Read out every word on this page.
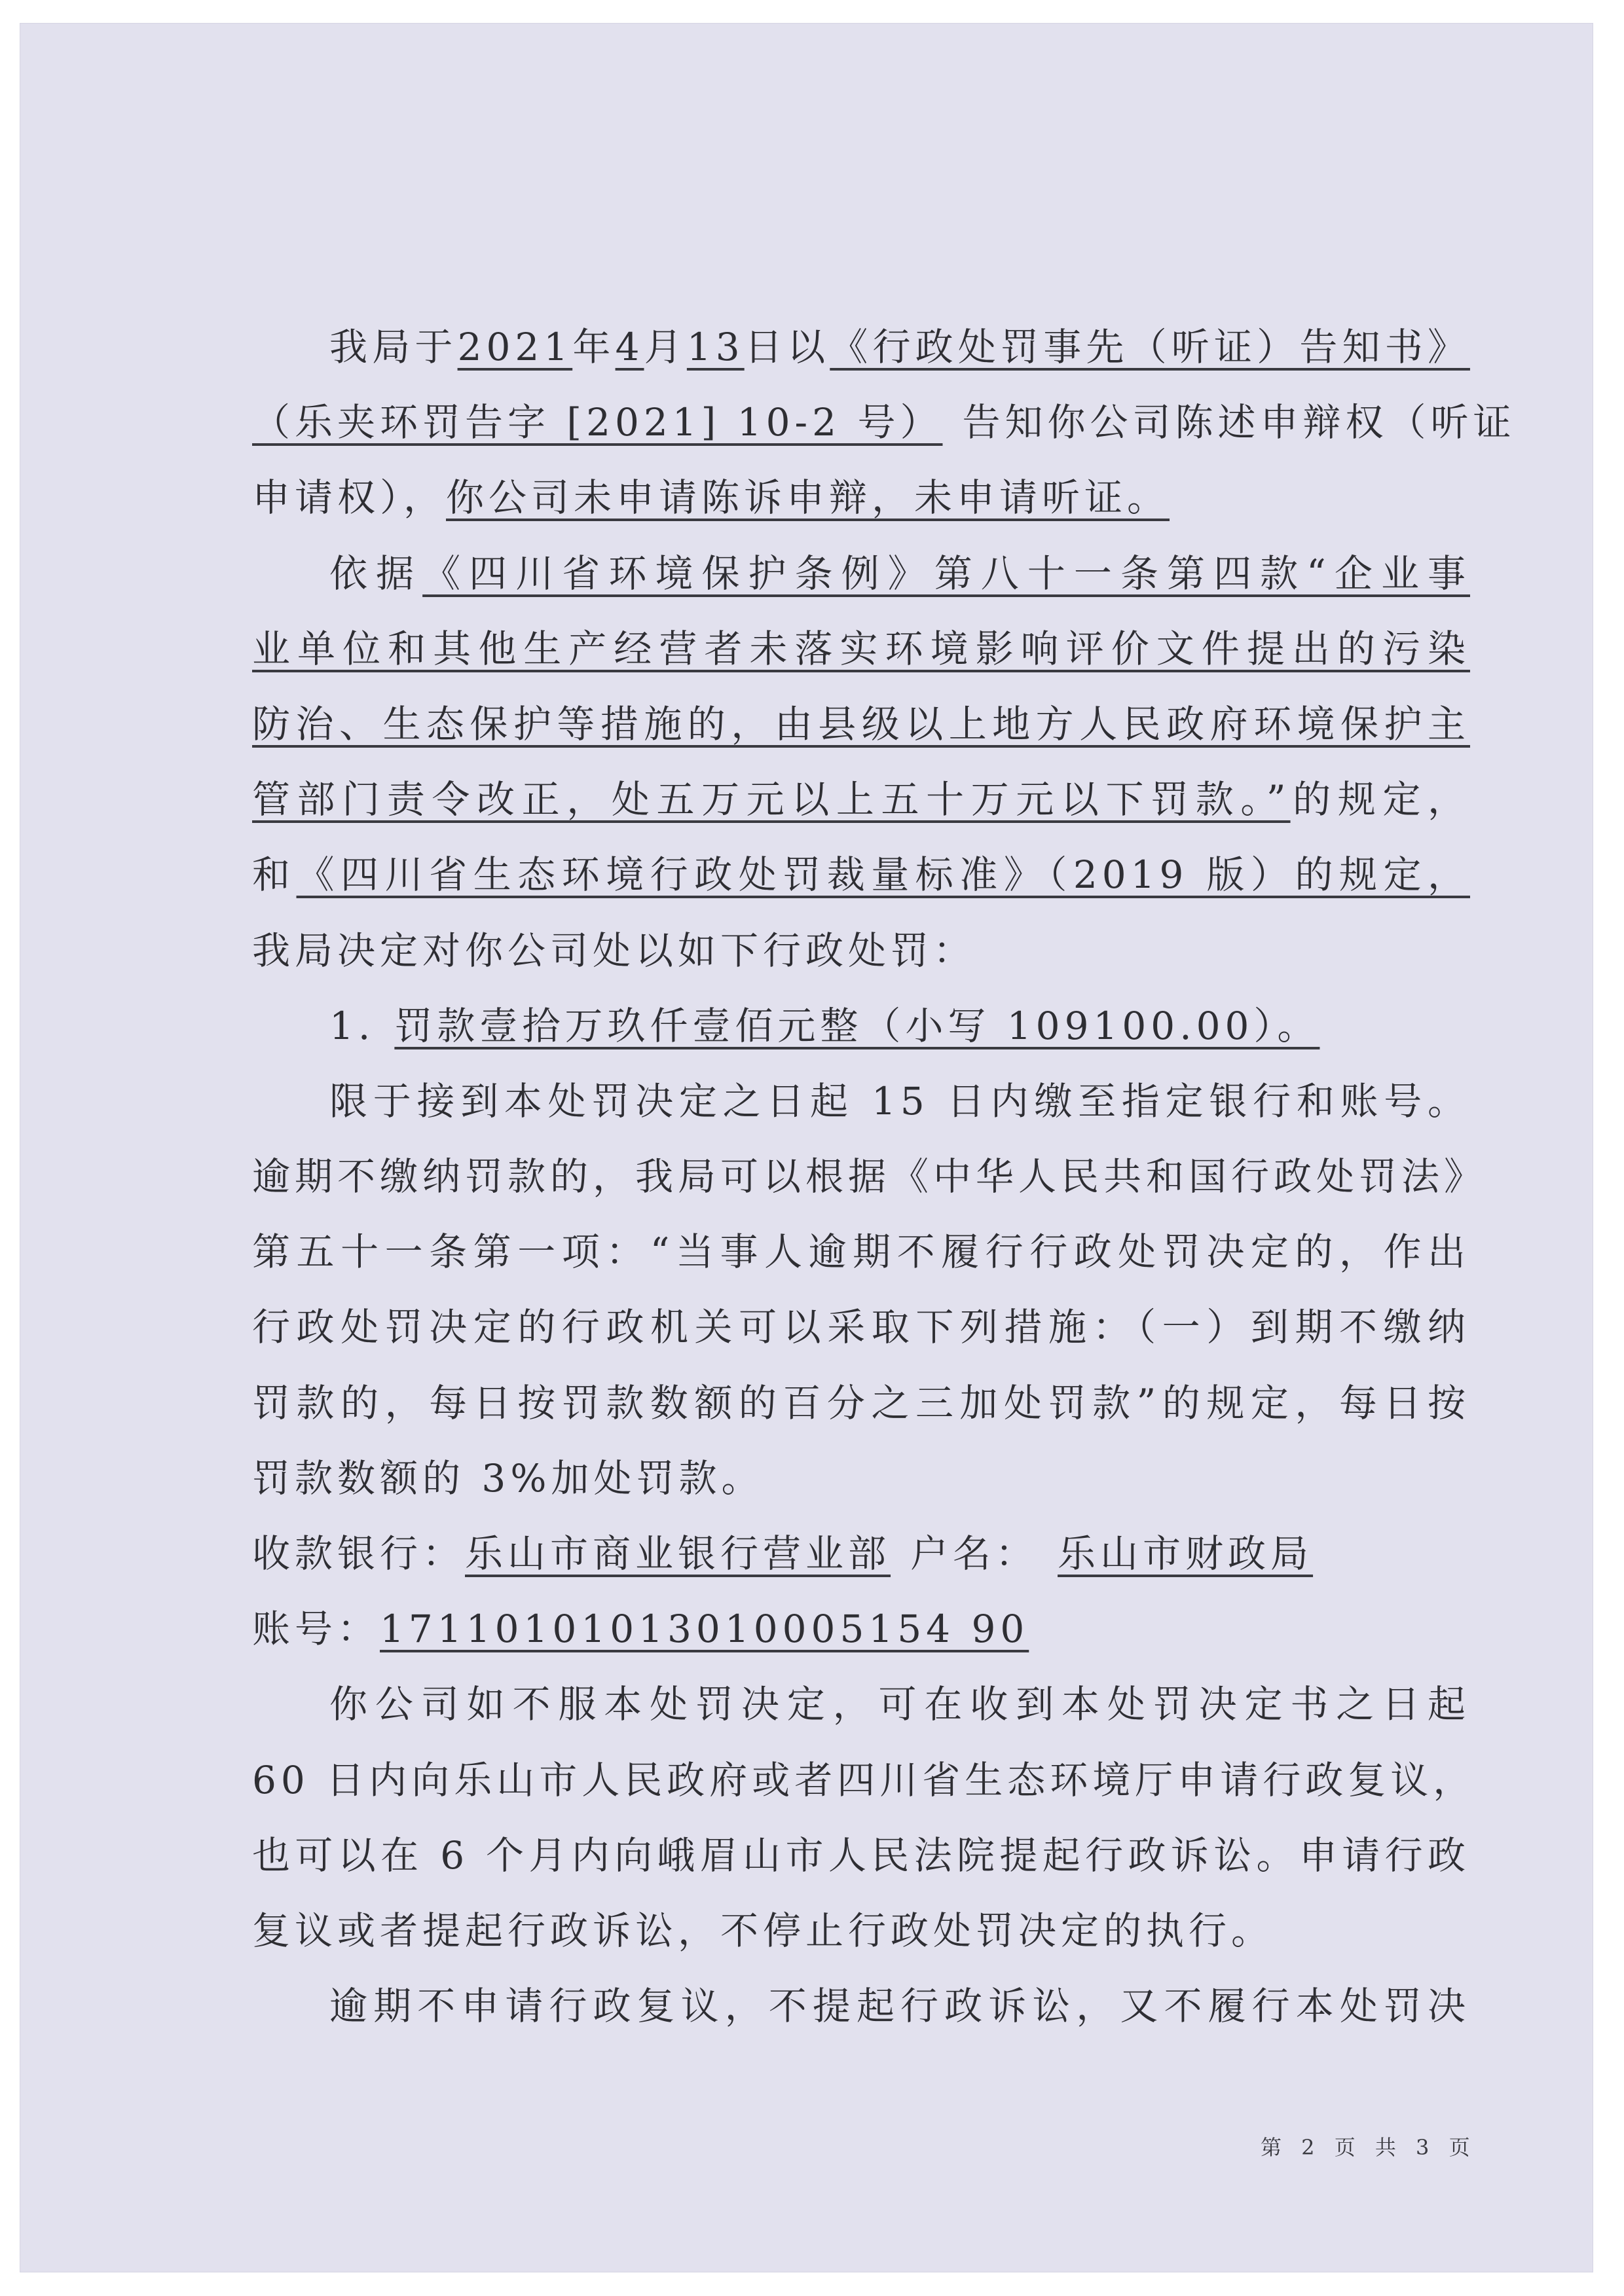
我局于2021年4月13日以《行政处罚事先（听证）告知书》
（乐夹环罚告字 [2021] 10-2 号） 告知你公司陈述申辩权（听证
申请权），你公司未申请陈诉申辩，未申请听证。
依据《四川省环境保护条例》第八十一条第四款“企业事
业单位和其他生产经营者未落实环境影响评价文件提出的污染
防治、生态保护等措施的，由县级以上地方人民政府环境保护主
管部门责令改正，处五万元以上五十万元以下罚款。”的规定，
和《四川省生态环境行政处罚裁量标准》（2019 版）的规定，
我局决定对你公司处以如下行政处罚：
1. 罚款壹拾万玖仟壹佰元整（小写 109100.00）。
限于接到本处罚决定之日起 15 日内缴至指定银行和账号。
逾期不缴纳罚款的，我局可以根据《中华人民共和国行政处罚法》
第五十一条第一项：“当事人逾期不履行行政处罚决定的，作出
行政处罚决定的行政机关可以采取下列措施：（一）到期不缴纳
罚款的，每日按罚款数额的百分之三加处罚款”的规定，每日按
罚款数额的 3%加处罚款。
收款银行：乐山市商业银行营业部 户名： 乐山市财政局
账号：17110101013010005154 90
你公司如不服本处罚决定，可在收到本处罚决定书之日起
60 日内向乐山市人民政府或者四川省生态环境厅申请行政复议，
也可以在 6 个月内向峨眉山市人民法院提起行政诉讼。申请行政
复议或者提起行政诉讼，不停止行政处罚决定的执行。
逾期不申请行政复议，不提起行政诉讼，又不履行本处罚决
第 2 页 共 3 页
